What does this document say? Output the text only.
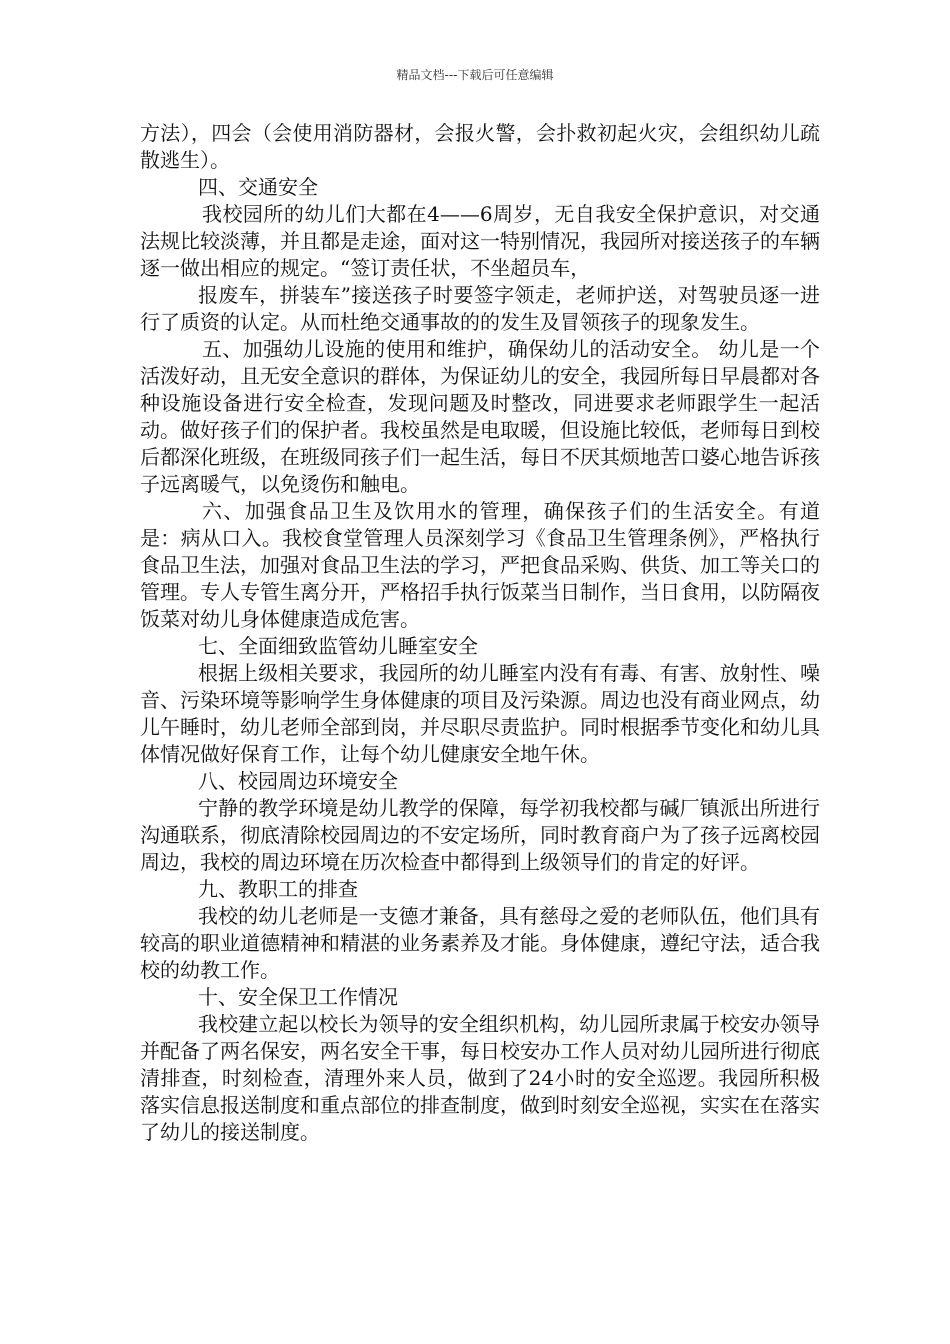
精品文档---下载后可任意编辑

方法），四会（会使用消防器材，会报火警，会扑救初起火灾，会组织幼儿疏散逃生）。

四、交通安全

我校园所的幼儿们大都在4——6周岁，无自我安全保护意识，对交通法规比较淡薄，并且都是走途，面对这一特别情况，我园所对接送孩子的车辆逐一做出相应的规定。“签订责任状，不坐超员车，

报废车，拼装车”接送孩子时要签字领走，老师护送，对驾驶员逐一进行了质资的认定。从而杜绝交通事故的的发生及冒领孩子的现象发生。

五、加强幼儿设施的使用和维护，确保幼儿的活动安全。 幼儿是一个活泼好动，且无安全意识的群体，为保证幼儿的安全，我园所每日早晨都对各种设施设备进行安全检查，发现问题及时整改，同进要求老师跟学生一起活动。做好孩子们的保护者。我校虽然是电取暖，但设施比较低，老师每日到校后都深化班级，在班级同孩子们一起生活，每日不厌其烦地苦口婆心地告诉孩子远离暖气，以免烫伤和触电。

六、加强食品卫生及饮用水的管理，确保孩子们的生活安全。有道是：病从口入。我校食堂管理人员深刻学习《食品卫生管理条例》，严格执行食品卫生法，加强对食品卫生法的学习，严把食品采购、供货、加工等关口的管理。专人专管生离分开，严格招手执行饭菜当日制作，当日食用，以防隔夜饭菜对幼儿身体健康造成危害。

七、全面细致监管幼儿睡室安全

根据上级相关要求，我园所的幼儿睡室内没有有毒、有害、放射性、噪音、污染环境等影响学生身体健康的项目及污染源。周边也没有商业网点，幼儿午睡时，幼儿老师全部到岗，并尽职尽责监护。同时根据季节变化和幼儿具体情况做好保育工作，让每个幼儿健康安全地午休。

八、校园周边环境安全

宁静的教学环境是幼儿教学的保障，每学初我校都与碱厂镇派出所进行沟通联系，彻底清除校园周边的不安定场所，同时教育商户为了孩子远离校园周边，我校的周边环境在历次检查中都得到上级领导们的肯定的好评。

九、教职工的排查

我校的幼儿老师是一支德才兼备，具有慈母之爱的老师队伍，他们具有较高的职业道德精神和精湛的业务素养及才能。身体健康，遵纪守法，适合我校的幼教工作。

十、安全保卫工作情况

我校建立起以校长为领导的安全组织机构，幼儿园所隶属于校安办领导并配备了两名保安，两名安全干事，每日校安办工作人员对幼儿园所进行彻底清排查，时刻检查，清理外来人员，做到了24小时的安全巡逻。我园所积极落实信息报送制度和重点部位的排查制度，做到时刻安全巡视，实实在在落实了幼儿的接送制度。
